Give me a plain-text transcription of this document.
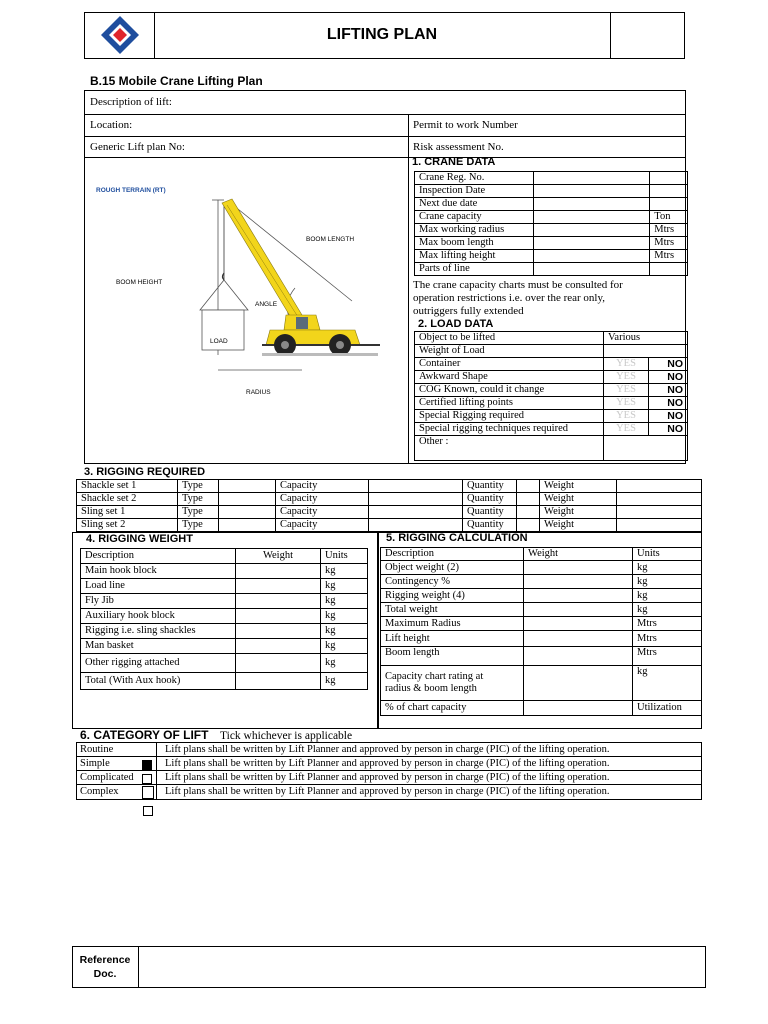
LIFTING PLAN
B.15 Mobile Crane Lifting Plan
Description of lift:
Location:	Permit to work Number
Generic Lift plan No:	Risk assessment No.
ROUGH TERRAIN (RT)
BOOM LENGTH
BOOM HEIGHT
ANGLE
LOAD
RADIUS
1. CRANE DATA
Crane Reg. No.		
Inspection Date		
Next due date		
Crane capacity		Ton
Max working radius		Mtrs
Max boom length		Mtrs
Max lifting height		Mtrs
Parts of line		
The crane capacity charts must be consulted for
operation restrictions i.e. over the rear only,
outriggers fully extended
2. LOAD DATA
Object to be lifted	Various	
Weight of Load		
Container	YES	NO
Awkward Shape	YES	NO
COG Known, could it change	YES	NO
Certified lifting points	YES	NO
Special Rigging required	YES	NO
Special rigging techniques required	YES	NO
Other :		
3. RIGGING REQUIRED
Shackle set 1	Type		Capacity		Quantity		Weight	
Shackle set 2	Type		Capacity		Quantity		Weight	
Sling set 1	Type		Capacity		Quantity		Weight	
Sling set 2	Type		Capacity		Quantity		Weight	
4. RIGGING WEIGHT
Description	Weight	Units
Main hook block		kg
Load line		kg
Fly Jib		kg
Auxiliary hook block		kg
Rigging i.e. sling shackles		kg
Man basket		kg
Other rigging attached		kg
Total (With Aux hook)		kg
5. RIGGING CALCULATION
Description	Weight	Units
Object weight (2)		kg
Contingency %		kg
Rigging weight (4)		kg
Total weight		kg
Maximum Radius		Mtrs
Lift height		Mtrs
Boom length		Mtrs

Capacity chart rating at
radius & boom length		kg
% of chart capacity		Utilization
6. CATEGORY OF LIFT Tick whichever is applicable
Routine	Lift plans shall be written by Lift Planner and approved by person in charge (PIC) of the lifting operation.
Simple	Lift plans shall be written by Lift Planner and approved by person in charge (PIC) of the lifting operation.
Complicated	Lift plans shall be written by Lift Planner and approved by person in charge (PIC) of the lifting operation.
Complex	Lift plans shall be written by Lift Planner and approved by person in charge (PIC) of the lifting operation.
Reference
Doc.
